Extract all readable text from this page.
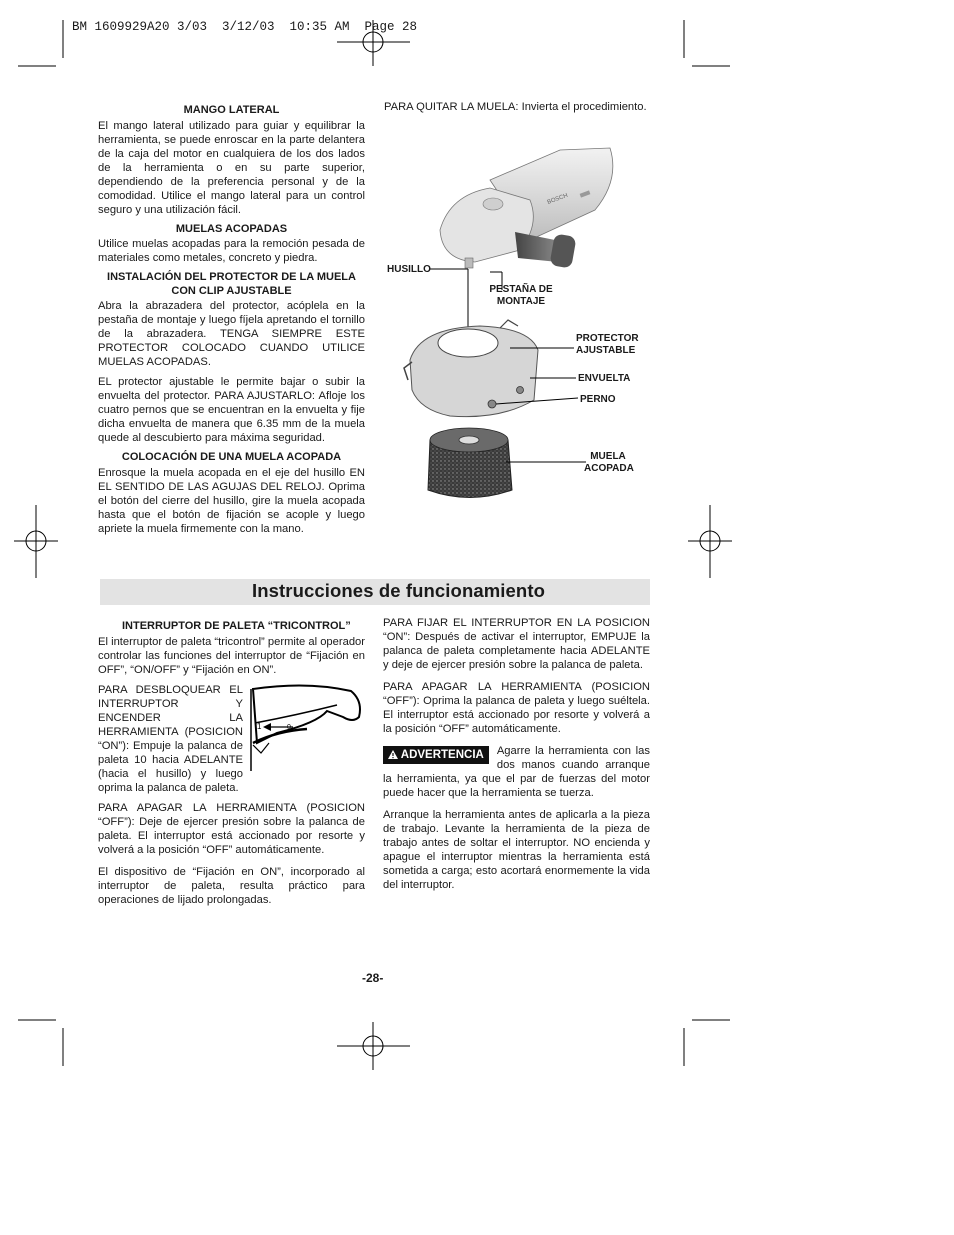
BM 1609929A20 3/03  3/12/03  10:35 AM  Page 28
MANGO LATERAL

El mango lateral utilizado para guiar y equilibrar la herramienta, se puede enroscar en la parte delantera de la caja del motor en cualquiera de los dos lados de la herramienta o en su parte superior, dependiendo de la preferencia personal y de la comodidad. Utilice el mango lateral para un control seguro y una utilización fácil.

MUELAS ACOPADAS

Utilice muelas acopadas para la remoción pesada de materiales como metales, concreto y piedra.

INSTALACIÓN DEL PROTECTOR DE LA MUELA
CON CLIP AJUSTABLE

Abra la abrazadera del protector, acóplela en la pestaña de montaje y luego fíjela apretando el tornillo de la abrazadera. TENGA SIEMPRE ESTE PROTECTOR COLOCADO CUANDO UTILICE MUELAS ACOPADAS.

EL protector ajustable le permite bajar o subir la envuelta del protector. PARA AJUSTARLO: Afloje los cuatro pernos que se encuentran en la envuelta y fije dicha envuelta de manera que 6.35 mm de la muela quede al descubierto para máxima seguridad.

COLOCACIÓN DE UNA MUELA ACOPADA

Enrosque la muela acopada en el eje del husillo EN EL SENTIDO DE LAS AGUJAS DEL RELOJ. Oprima el botón del cierre del husillo, gire la muela acopada hasta que el botón de fijación se acople y luego apriete la muela firmemente con la mano.

PARA QUITAR LA MUELA: Invierta el procedimiento.
BOSCH
HUSILLO
PESTAÑA DE
MONTAJE
PROTECTOR
AJUSTABLE
ENVUELTA
PERNO
MUELA
ACOPADA
Instrucciones de funcionamiento
INTERRUPTOR DE PALETA “TRICONTROL”

El interruptor de paleta “tricontrol” permite al operador controlar las funciones del interruptor de “Fijación en OFF”, “ON/OFF” y “Fijación en ON”.

PARA DESBLOQUEAR EL INTERRUPTOR Y ENCENDER LA HERRAMIENTA (POSICION “ON”): Empuje la palanca de paleta 10 hacia ADELANTE (hacia el husillo) y luego oprima la palanca de paleta.
1	0

PARA APAGAR LA HERRAMIENTA (POSICION “OFF”): Deje de ejercer presión sobre la palanca de paleta. El interruptor está accionado por resorte y volverá a la posición “OFF” automáticamente.

El dispositivo de “Fijación en ON”, incorporado al interruptor de paleta, resulta práctico para operaciones de lijado prolongadas.

PARA FIJAR EL INTERRUPTOR EN LA POSICION “ON”: Después de activar el interruptor, EMPUJE la palanca de paleta completamente hacia ADELANTE y deje de ejercer presión sobre la palanca de paleta.

PARA APAGAR LA HERRAMIENTA (POSICION “OFF”): Oprima la palanca de paleta y luego suéltela. El interruptor está accionado por resorte y volverá a la posición “OFF” automáticamente.

ADVERTENCIA	Agarre la herramienta con las dos manos cuando arranque la herramienta, ya que el par de fuerzas del motor puede hacer que la herramienta se tuerza.

Arranque la herramienta antes de aplicarla a la pieza de trabajo. Levante la herramienta de la pieza de trabajo antes de soltar el interruptor. NO encienda y apague el interruptor mientras la herramienta está sometida a carga; esto acortará enormemente la vida del interruptor.

-28-
